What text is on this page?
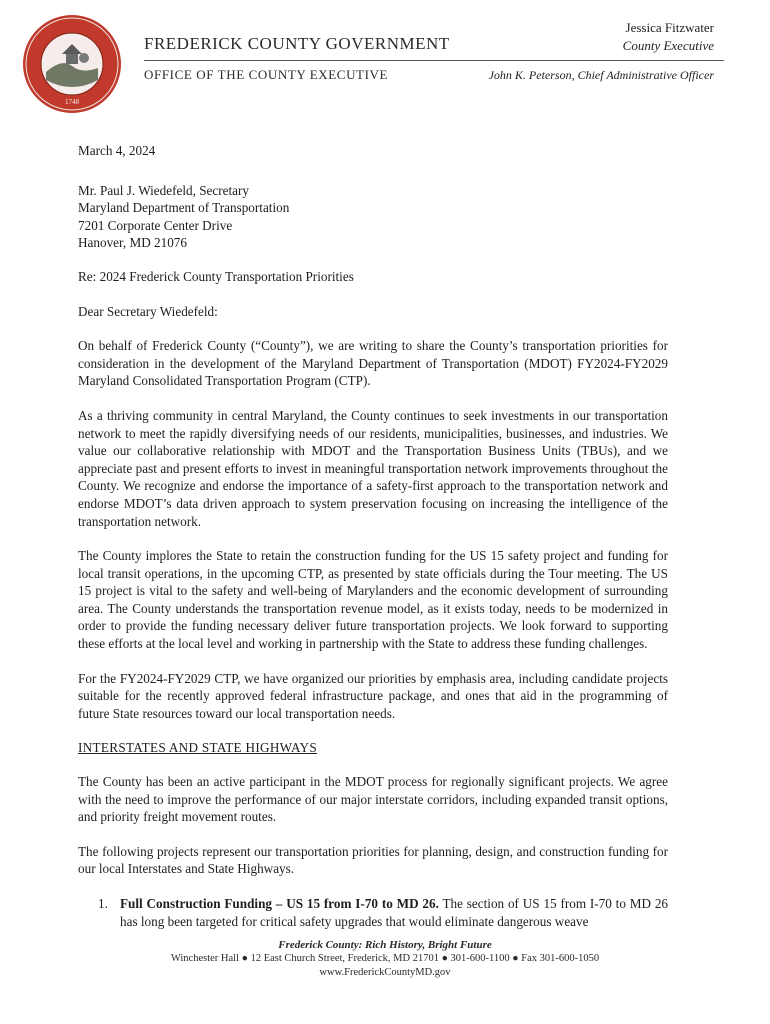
1748
FREDERICK COUNTY GOVERNMENT
OFFICE OF THE COUNTY EXECUTIVE
Jessica Fitzwater
County Executive
John K. Peterson, Chief Administrative Officer

March 4, 2024

Mr. Paul J. Wiedefeld, Secretary
Maryland Department of Transportation
7201 Corporate Center Drive
Hanover, MD 21076

Re: 2024 Frederick County Transportation Priorities

Dear Secretary Wiedefeld:

On behalf of Frederick County (“County”), we are writing to share the County’s transportation priorities for consideration in the development of the Maryland Department of Transportation (MDOT) FY2024-FY2029 Maryland Consolidated Transportation Program (CTP).

As a thriving community in central Maryland, the County continues to seek investments in our transportation network to meet the rapidly diversifying needs of our residents, municipalities, businesses, and industries. We value our collaborative relationship with MDOT and the Transportation Business Units (TBUs), and we appreciate past and present efforts to invest in meaningful transportation network improvements throughout the County. We recognize and endorse the importance of a safety-first approach to the transportation network and endorse MDOT’s data driven approach to system preservation focusing on increasing the intelligence of the transportation network.

The County implores the State to retain the construction funding for the US 15 safety project and funding for local transit operations, in the upcoming CTP, as presented by state officials during the Tour meeting. The US 15 project is vital to the safety and well-being of Marylanders and the economic development of surrounding area. The County understands the transportation revenue model, as it exists today, needs to be modernized in order to provide the funding necessary deliver future transportation projects. We look forward to supporting these efforts at the local level and working in partnership with the State to address these funding challenges.

For the FY2024-FY2029 CTP, we have organized our priorities by emphasis area, including candidate projects suitable for the recently approved federal infrastructure package, and ones that aid in the programming of future State resources toward our local transportation needs.

INTERSTATES AND STATE HIGHWAYS

The County has been an active participant in the MDOT process for regionally significant projects. We agree with the need to improve the performance of our major interstate corridors, including expanded transit options, and priority freight movement routes.

The following projects represent our transportation priorities for planning, design, and construction funding for our local Interstates and State Highways.

1. Full Construction Funding – US 15 from I-70 to MD 26. The section of US 15 from I-70 to MD 26 has long been targeted for critical safety upgrades that would eliminate dangerous weave
Frederick County: Rich History, Bright Future
Winchester Hall ● 12 East Church Street, Frederick, MD 21701 ● 301-600-1100 ● Fax 301-600-1050
www.FrederickCountyMD.gov
